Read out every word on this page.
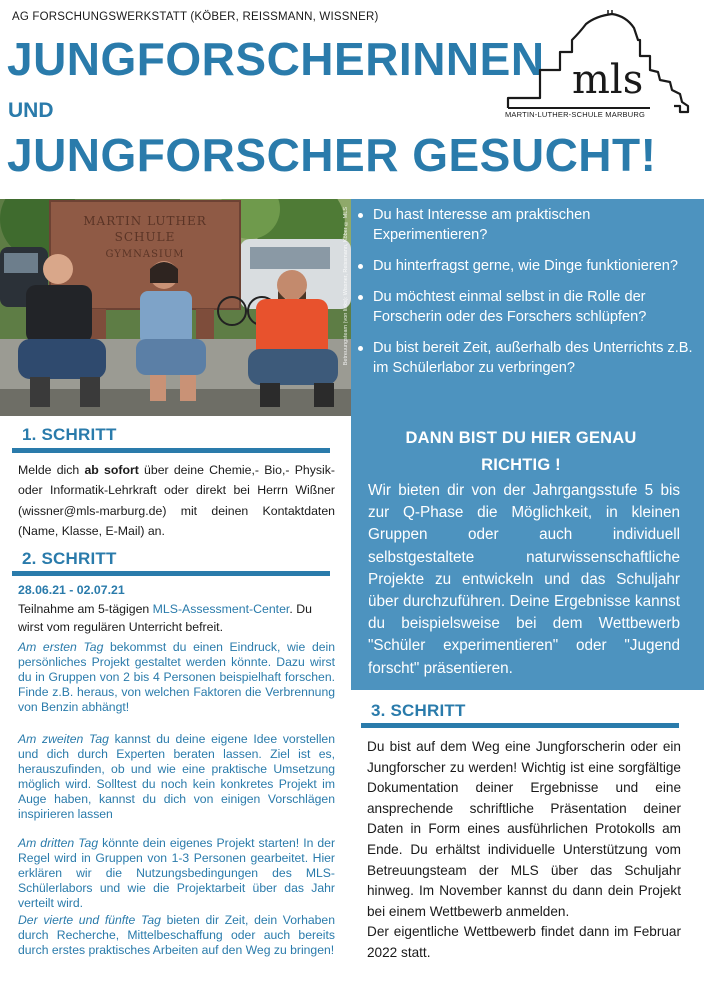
AG FORSCHUNGSWERKSTATT (KÖBER, REISSMANN, WISSNER)
JUNGFORSCHERINNEN
UND
JUNGFORSCHER GESUCHT!
mls
MARTIN-LUTHER-SCHULE MARBURG
MARTIN LUTHER
SCHULE
GYMNASIUM	Betreuungsteam (von links): Wissner, Reissmann, Köber © MLS	Du hast Interesse am praktischen Experimentieren?
Du hinterfragst gerne, wie Dinge funktionieren?
Du möchtest einmal selbst in die Rolle der Forscherin oder des Forschers schlüpfen?
Du bist bereit Zeit, außerhalb des Unterrichts z.B. im Schülerlabor zu verbringen?
DANN BIST DU HIER GENAU
RICHTIG !
Wir bieten dir von der Jahrgangsstufe 5 bis zur Q-Phase die Möglichkeit, in kleinen Gruppen oder auch individuell selbstgestaltete naturwissenschaftliche Projekte zu entwickeln und das Schuljahr über durchzuführen. Deine Ergebnisse kannst du beispielsweise bei dem Wettbewerb "Schüler experimentieren" oder "Jugend forscht" präsentieren.
1. SCHRITT
Melde dich ab sofort über deine Chemie,- Bio,- Physik- oder Informatik-Lehrkraft oder direkt bei Herrn Wißner (wissner@mls-marburg.de) mit deinen Kontaktdaten (Name, Klasse, E-Mail) an.
2. SCHRITT
28.06.21 - 02.07.21
Teilnahme am 5-tägigen MLS-Assessment-Center. Du wirst vom regulären Unterricht befreit.
Am ersten Tag bekommst du einen Eindruck, wie dein persönliches Projekt gestaltet werden könnte. Dazu wirst du in Gruppen von 2 bis 4 Personen beispielhaft forschen. Finde z.B. heraus, von welchen Faktoren die Verbrennung von Benzin abhängt!
Am zweiten Tag kannst du deine eigene Idee vorstellen und dich durch Experten beraten lassen. Ziel ist es, herauszufinden, ob und wie eine praktische Umsetzung möglich wird. Solltest du noch kein konkretes Projekt im Auge haben, kannst du dich von einigen Vorschlägen inspirieren lassen
Am dritten Tag könnte dein eigenes Projekt starten! In der Regel wird in Gruppen von 1-3 Personen gearbeitet. Hier erklären wir die Nutzungsbedingungen des MLS- Schülerlabors und wie die Projektarbeit über das Jahr verteilt wird.
Der vierte und fünfte Tag bieten dir Zeit, dein Vorhaben durch Recherche, Mittelbeschaffung oder auch bereits durch erstes praktisches Arbeiten auf den Weg zu bringen!
3. SCHRITT
Du bist auf dem Weg eine Jungforscherin oder ein Jungforscher zu werden! Wichtig ist eine sorgfältige Dokumentation deiner Ergebnisse und eine ansprechende schriftliche Präsentation deiner Daten in Form eines ausführlichen Protokolls am Ende. Du erhältst individuelle Unterstützung vom Betreuungsteam der MLS über das Schuljahr hinweg. Im November kannst du dann dein Projekt bei einem Wettbewerb anmelden.
Der eigentliche Wettbewerb findet dann im Februar 2022 statt.
